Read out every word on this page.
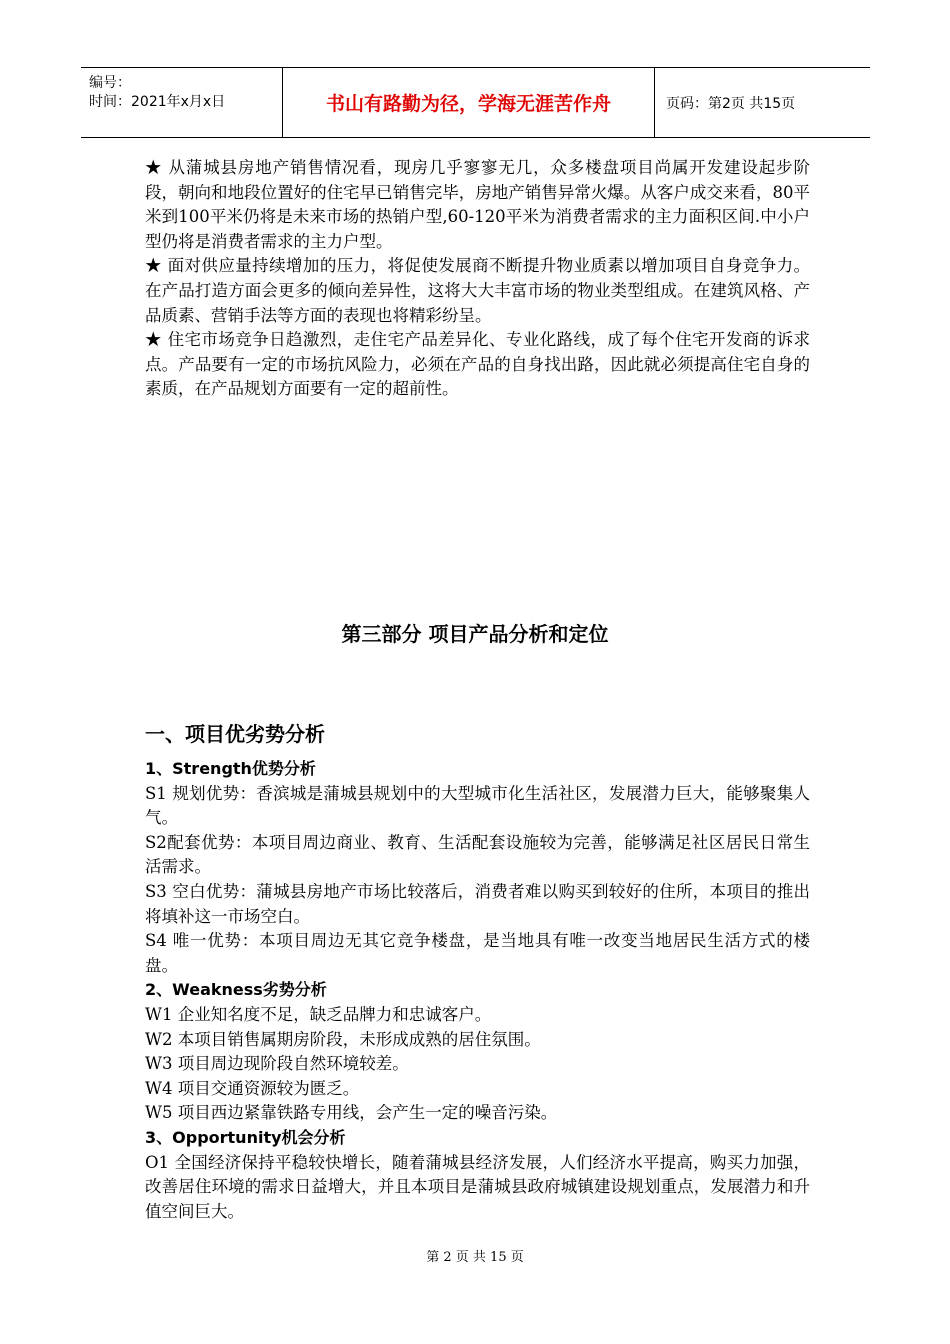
编号：
时间：2021年x月x日	书山有路勤为径，学海无涯苦作舟	页码：第2页 共15页

★ 从蒲城县房地产销售情况看，现房几乎寥寥无几，众多楼盘项目尚属开发建设起步阶段，朝向和地段位置好的住宅早已销售完毕，房地产销售异常火爆。从客户成交来看，80平米到100平米仍将是未来市场的热销户型,60-120平米为消费者需求的主力面积区间.中小户型仍将是消费者需求的主力户型。

★ 面对供应量持续增加的压力，将促使发展商不断提升物业质素以增加项目自身竞争力。在产品打造方面会更多的倾向差异性，这将大大丰富市场的物业类型组成。在建筑风格、产品质素、营销手法等方面的表现也将精彩纷呈。

★ 住宅市场竞争日趋激烈，走住宅产品差异化、专业化路线，成了每个住宅开发商的诉求点。产品要有一定的市场抗风险力，必须在产品的自身找出路，因此就必须提高住宅自身的素质，在产品规划方面要有一定的超前性。

第三部分 项目产品分析和定位
一、项目优劣势分析

1、Strength优势分析

S1 规划优势：香滨城是蒲城县规划中的大型城市化生活社区，发展潜力巨大，能够聚集人气。

S2配套优势：本项目周边商业、教育、生活配套设施较为完善，能够满足社区居民日常生活需求。

S3 空白优势：蒲城县房地产市场比较落后，消费者难以购买到较好的住所，本项目的推出将填补这一市场空白。

S4 唯一优势：本项目周边无其它竞争楼盘，是当地具有唯一改变当地居民生活方式的楼盘。

2、Weakness劣势分析

W1 企业知名度不足，缺乏品牌力和忠诚客户。

W2 本项目销售属期房阶段，未形成成熟的居住氛围。

W3 项目周边现阶段自然环境较差。

W4 项目交通资源较为匮乏。

W5 项目西边紧靠铁路专用线，会产生一定的噪音污染。

3、Opportunity机会分析

O1 全国经济保持平稳较快增长，随着蒲城县经济发展，人们经济水平提高，购买力加强，改善居住环境的需求日益增大，并且本项目是蒲城县政府城镇建设规划重点，发展潜力和升值空间巨大。

第 2 页 共 15 页
